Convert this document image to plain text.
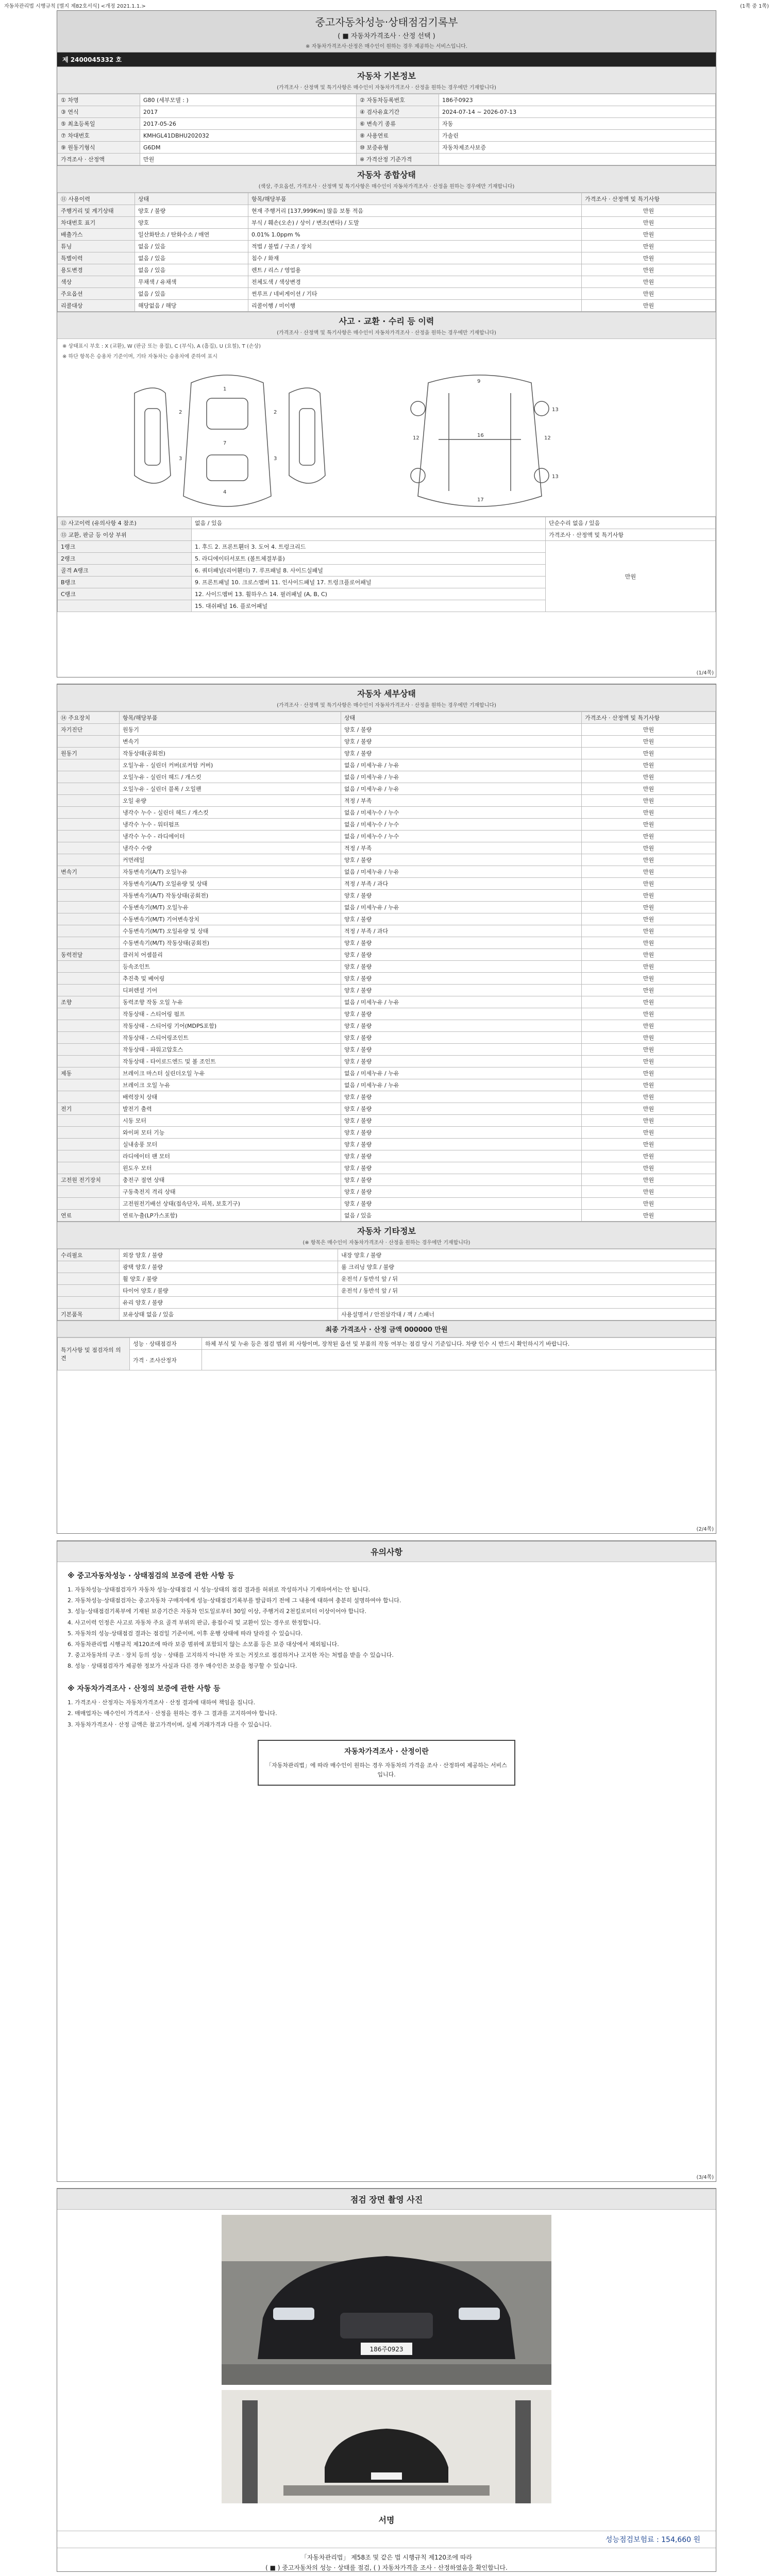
자동차관리법 시행규칙 [별지 제82호서식] <개정 2021.1.1.>	(1쪽 중 1쪽)
중고자동차성능·상태점검기록부
( ■ 자동차가격조사 · 산정 선택 )
※ 자동차가격조사·산정은 매수인이 원하는 경우 제공하는 서비스입니다.
제 2400045332 호
자동차 기본정보
(가격조사 · 산정액 및 특기사항은 매수인이 자동차가격조사 · 산정을 원하는 경우에만 기재합니다)
① 차명	G80 (세부모델 : )	② 자동차등록번호	186주0923
③ 연식	2017	④ 검사유효기간	2024-07-14 ~ 2026-07-13
⑤ 최초등록일	2017-05-26	⑥ 변속기 종류	자동
⑦ 차대번호	KMHGL41DBHU202032	⑧ 사용연료	가솔린
⑨ 원동기형식	G6DM	⑩ 보증유형	자동차제조사보증
가격조사 · 산정액	만원	※ 가격산정 기준가격	
자동차 종합상태
(색상, 주요옵션, 가격조사 · 산정액 및 특기사항은 매수인이 자동차가격조사 · 산정을 원하는 경우에만 기재합니다)
⑪ 사용이력	상태	항목/해당부품	가격조사 · 산정액 및 특기사항
주행거리 및 계기상태	양호 / 불량	현재 주행거리 [137,999Km] 많음 보통 적음	만원
차대번호 표기	양호	부식 / 훼손(오손) / 상이 / 변조(변타) / 도말	만원
배출가스	일산화탄소 / 탄화수소 / 매연	0.01% 1.0ppm %	만원
튜닝	없음 / 있음	적법 / 불법 / 구조 / 장치	만원
특별이력	없음 / 있음	침수 / 화재	만원
용도변경	없음 / 있음	렌트 / 리스 / 영업용	만원
색상	무채색 / 유채색	전체도색 / 색상변경	만원
주요옵션	없음 / 있음	썬루프 / 네비게이션 / 기타	만원
리콜대상	해당없음 / 해당	리콜이행 / 미이행	만원
사고 · 교환 · 수리 등 이력
(가격조사 · 산정액 및 특기사항은 매수인이 자동차가격조사 · 산정을 원하는 경우에만 기재합니다)
※ 상태표시 부호 : X (교환), W (판금 또는 용접), C (부식), A (흠집), U (요철), T (손상)
※ 하단 항목은 승용차 기준이며, 기타 자동차는 승용차에 준하여 표시
1
7
4
2	2
3	3
9
16
17
12	12
13
13
⑫ 사고이력 (유의사항 4 참조)	없음 / 있음	단순수리 없음 / 있음
⑬ 교환, 판금 등 이상 부위		가격조사 · 산정액 및 특기사항
1랭크	1. 후드 2. 프론트휀더 3. 도어 4. 트렁크리드	만원
2랭크	5. 라디에이터서포트 (볼트체결부품)	
골격 A랭크	6. 쿼터패널(리어휀더) 7. 루프패널 8. 사이드실패널	
B랭크	9. 프론트패널 10. 크로스멤버 11. 인사이드패널 17. 트렁크플로어패널	
C랭크	12. 사이드멤버 13. 휠하우스 14. 필러패널 (A, B, C)	
	15. 대쉬패널 16. 플로어패널	
(1/4쪽)
자동차 세부상태
(가격조사 · 산정액 및 특기사항은 매수인이 자동차가격조사 · 산정을 원하는 경우에만 기재합니다)
⑭ 주요장치	항목/해당부품	상태	가격조사 · 산정액 및 특기사항
자기진단	원동기	양호 / 불량	만원
	변속기	양호 / 불량	만원
원동기	작동상태(공회전)	양호 / 불량	만원
	오일누유 - 실린더 커버(로커암 커버)	없음 / 미세누유 / 누유	만원
	오일누유 - 실린더 헤드 / 개스킷	없음 / 미세누유 / 누유	만원
	오일누유 - 실린더 블록 / 오일팬	없음 / 미세누유 / 누유	만원
	오일 유량	적정 / 부족	만원
	냉각수 누수 - 실린더 헤드 / 개스킷	없음 / 미세누수 / 누수	만원
	냉각수 누수 - 워터펌프	없음 / 미세누수 / 누수	만원
	냉각수 누수 - 라디에이터	없음 / 미세누수 / 누수	만원
	냉각수 수량	적정 / 부족	만원
	커먼레일	양호 / 불량	만원
변속기	자동변속기(A/T) 오일누유	없음 / 미세누유 / 누유	만원
	자동변속기(A/T) 오일유량 및 상태	적정 / 부족 / 과다	만원
	자동변속기(A/T) 작동상태(공회전)	양호 / 불량	만원
	수동변속기(M/T) 오일누유	없음 / 미세누유 / 누유	만원
	수동변속기(M/T) 기어변속장치	양호 / 불량	만원
	수동변속기(M/T) 오일유량 및 상태	적정 / 부족 / 과다	만원
	수동변속기(M/T) 작동상태(공회전)	양호 / 불량	만원
동력전달	클러치 어셈블리	양호 / 불량	만원
	등속조인트	양호 / 불량	만원
	추진축 및 베어링	양호 / 불량	만원
	디퍼렌셜 기어	양호 / 불량	만원
조향	동력조향 작동 오일 누유	없음 / 미세누유 / 누유	만원
	작동상태 - 스티어링 펌프	양호 / 불량	만원
	작동상태 - 스티어링 기어(MDPS포함)	양호 / 불량	만원
	작동상태 - 스티어링조인트	양호 / 불량	만원
	작동상태 - 파워고압호스	양호 / 불량	만원
	작동상태 - 타이로드엔드 및 볼 조인트	양호 / 불량	만원
제동	브레이크 마스터 실린더오일 누유	없음 / 미세누유 / 누유	만원
	브레이크 오일 누유	없음 / 미세누유 / 누유	만원
	배력장치 상태	양호 / 불량	만원
전기	발전기 출력	양호 / 불량	만원
	시동 모터	양호 / 불량	만원
	와이퍼 모터 기능	양호 / 불량	만원
	실내송풍 모터	양호 / 불량	만원
	라디에이터 팬 모터	양호 / 불량	만원
	윈도우 모터	양호 / 불량	만원
고전원 전기장치	충전구 절연 상태	양호 / 불량	만원
	구동축전지 격리 상태	양호 / 불량	만원
	고전원전기배선 상태(접속단자, 피복, 보호기구)	양호 / 불량	만원
연료	연료누출(LP가스포함)	없음 / 있음	만원
자동차 기타정보
(※ 항목은 매수인이 자동차가격조사 · 산정을 원하는 경우에만 기재합니다)
수리필요	외장 양호 / 불량	내장 양호 / 불량
	광택 양호 / 불량	룸 크리닝 양호 / 불량
	휠 양호 / 불량	운전석 / 동반석 앞 / 뒤
	타이어 양호 / 불량	운전석 / 동반석 앞 / 뒤
	유리 양호 / 불량	
기본품목	보유상태 없음 / 있음	사용설명서 / 안전삼각대 / 잭 / 스패너
최종 가격조사 · 산정 금액 000000 만원
특기사항 및 점검자의 의견	성능 · 상태점검자	하체 부식 및 누유 등은 점검 범위 외 사항이며, 장착된 옵션 및 부품의 작동 여부는 점검 당시 기준입니다. 차량 인수 시 반드시 확인하시기 바랍니다.
	가격 · 조사산정자	
(2/4쪽)
유의사항
※ 중고자동차성능 · 상태점검의 보증에 관한 사항 등

1. 자동차성능·상태점검자가 자동차 성능·상태점검 시 성능·상태의 점검 결과를 허위로 작성하거나 기재하여서는 안 됩니다.

2. 자동차성능·상태점검자는 중고자동차 구매자에게 성능·상태점검기록부를 발급하기 전에 그 내용에 대하여 충분히 설명하여야 합니다.

3. 성능·상태점검기록부에 기재된 보증기간은 자동차 인도일로부터 30일 이상, 주행거리 2천킬로미터 이상이어야 합니다.

4. 사고이력 인정은 사고로 자동차 주요 골격 부위의 판금, 용접수리 및 교환이 있는 경우로 한정합니다.

5. 자동차의 성능·상태점검 결과는 점검일 기준이며, 이후 운행 상태에 따라 달라질 수 있습니다.

6. 자동차관리법 시행규칙 제120조에 따라 보증 범위에 포함되지 않는 소모품 등은 보증 대상에서 제외됩니다.

7. 중고자동차의 구조 · 장치 등의 성능 · 상태를 고지하지 아니한 자 또는 거짓으로 점검하거나 고지한 자는 처벌을 받을 수 있습니다.

8. 성능 · 상태점검자가 제공한 정보가 사실과 다른 경우 매수인은 보증을 청구할 수 있습니다.

※ 자동차가격조사 · 산정의 보증에 관한 사항 등

1. 가격조사 · 산정자는 자동차가격조사 · 산정 결과에 대하여 책임을 집니다.

2. 매매업자는 매수인이 가격조사 · 산정을 원하는 경우 그 결과를 고지하여야 합니다.

3. 자동차가격조사 · 산정 금액은 참고가격이며, 실제 거래가격과 다를 수 있습니다.

자동차가격조사 · 산정이란
「자동차관리법」에 따라 매수인이 원하는 경우 자동차의 가격을 조사 · 산정하여 제공하는 서비스입니다.
(3/4쪽)
점검 장면 촬영 사진
186주0923
서명
성능점검보험료 : 154,660 원
「자동차관리법」 제58조 및 같은 법 시행규칙 제120조에 따라
( ■ ) 중고자동차의 성능 · 상태를 점검, ( ) 자동차가격을 조사 · 산정하였음을 확인합니다.
